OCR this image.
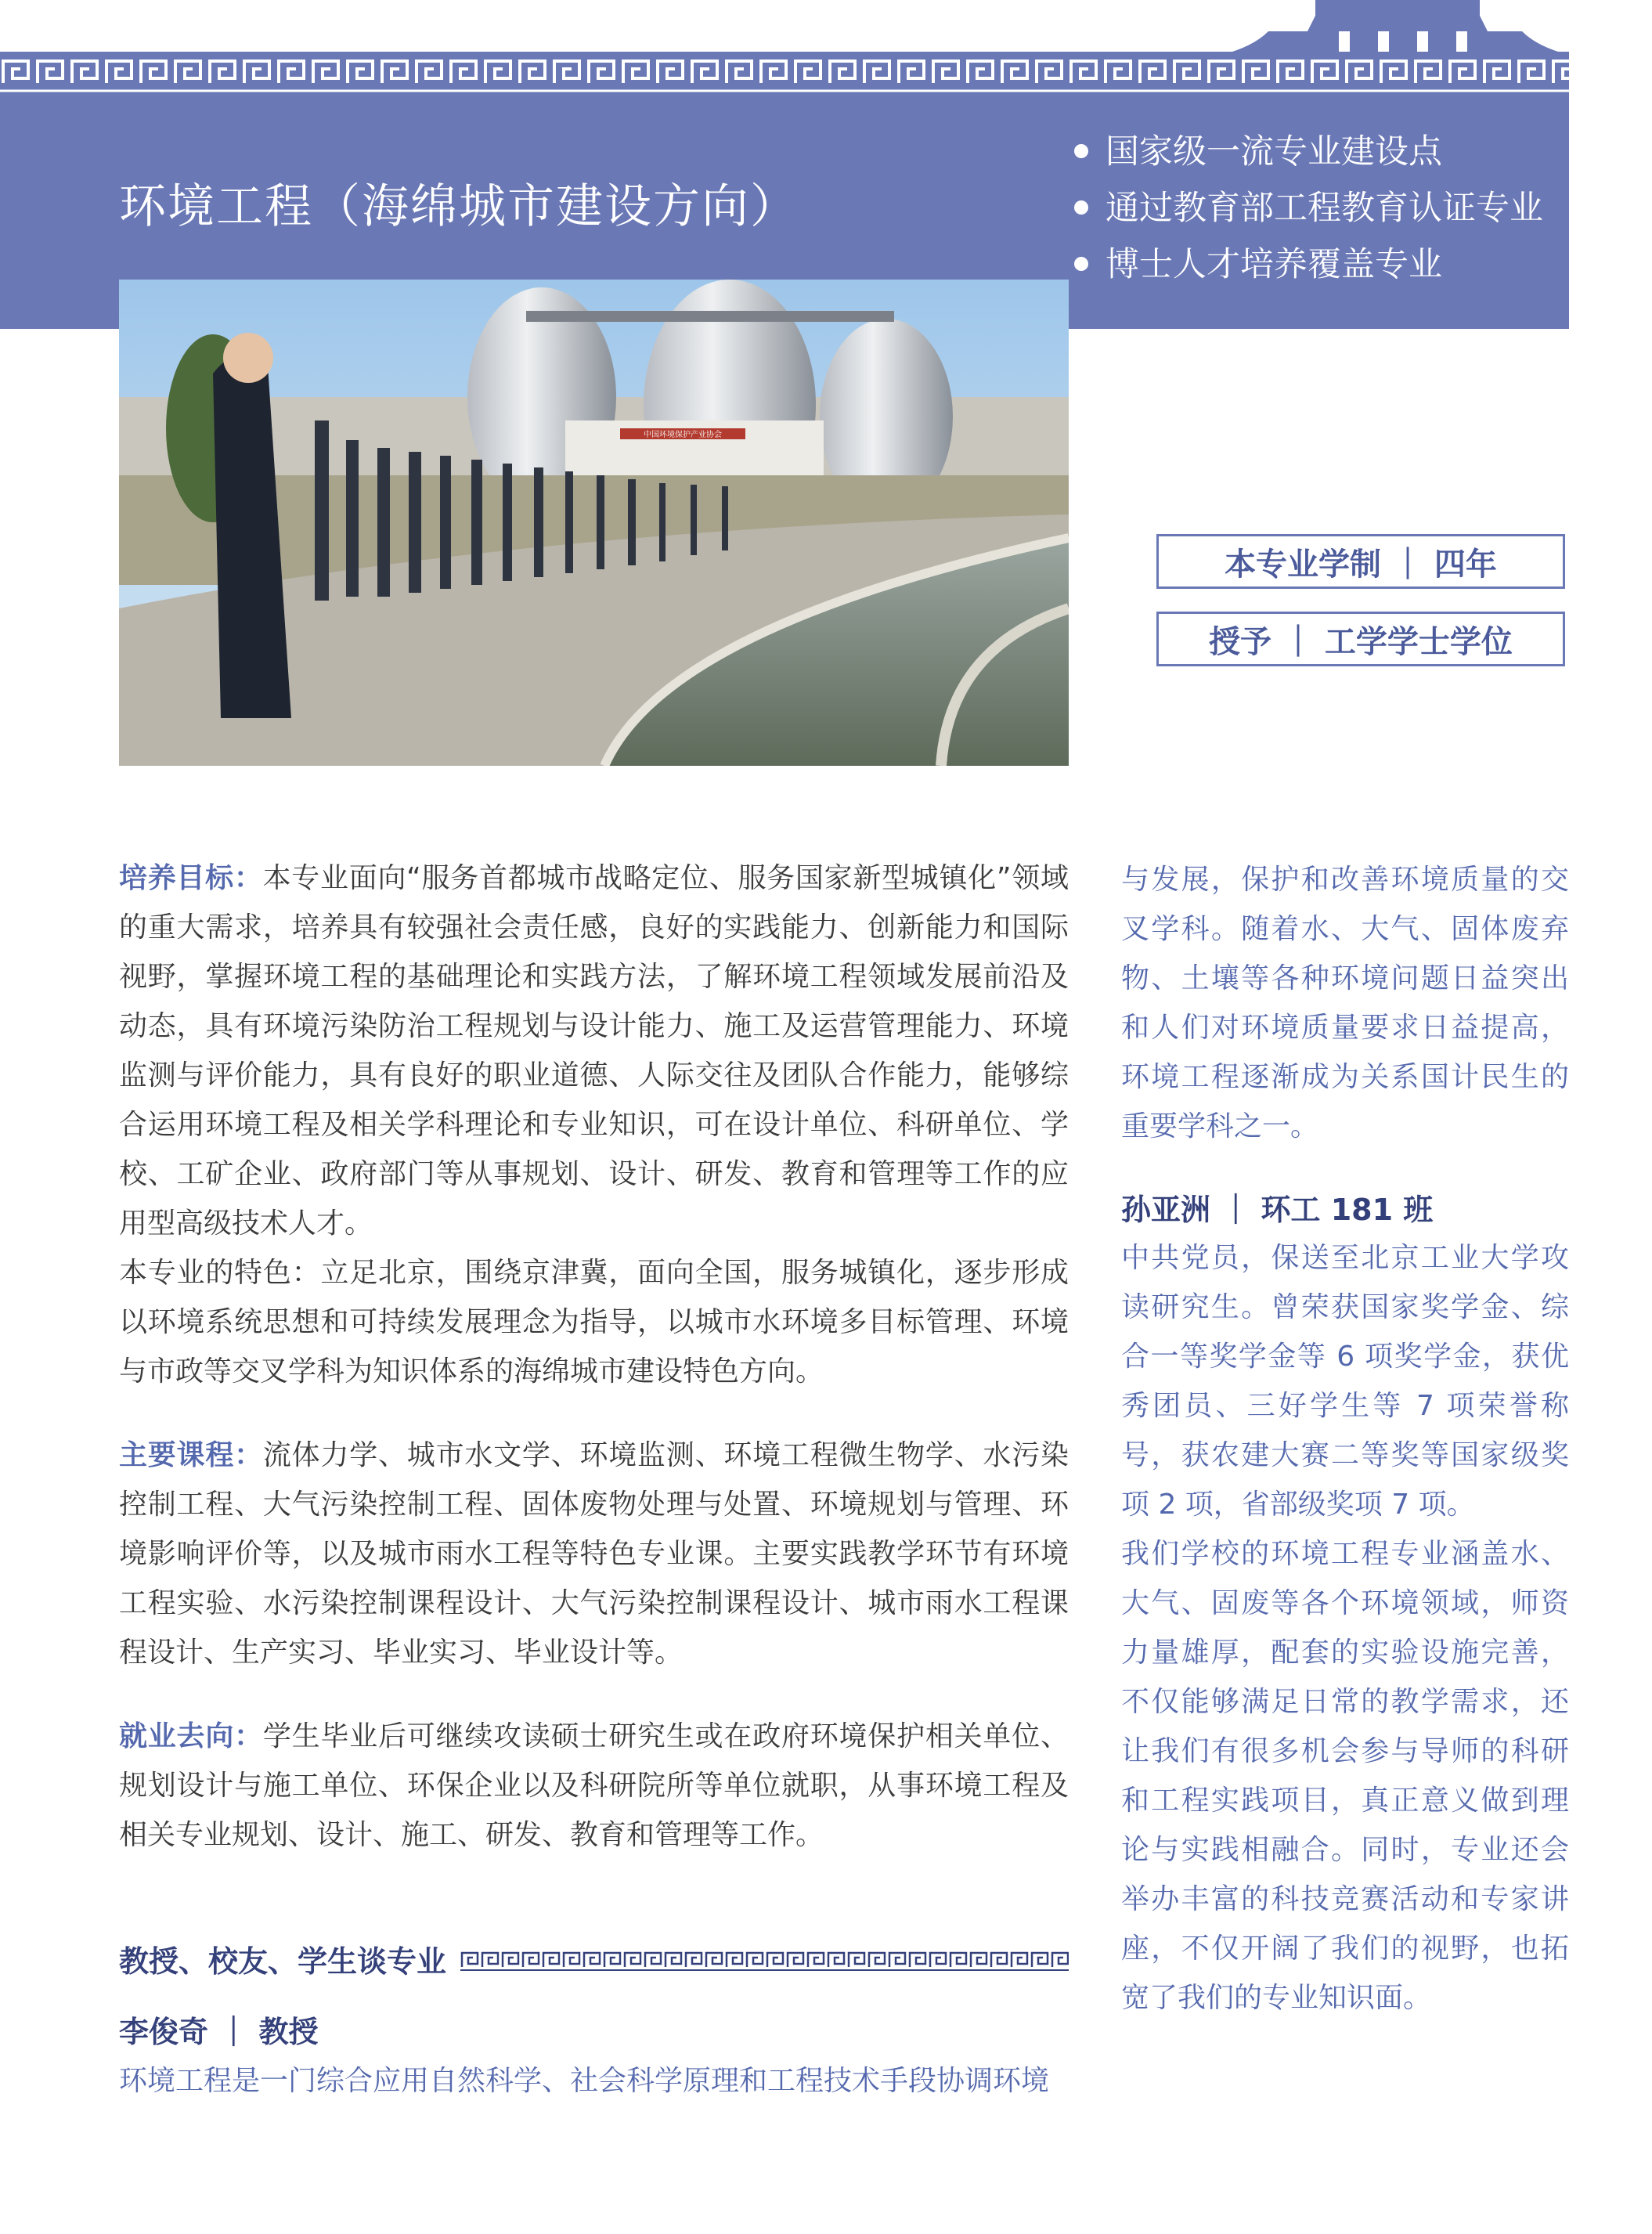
环境工程（海绵城市建设方向）
国家级一流专业建设点
通过教育部工程教育认证专业
博士人才培养覆盖专业
中国环境保护产业协会
本专业学制 ｜ 四年
授予 ｜ 工学学士学位

培养目标：本专业面向“服务首都城市战略定位、服务国家新型城镇化”领域的重大需求，培养具有较强社会责任感，良好的实践能力、创新能力和国际视野，掌握环境工程的基础理论和实践方法，了解环境工程领域发展前沿及动态，具有环境污染防治工程规划与设计能力、施工及运营管理能力、环境监测与评价能力，具有良好的职业道德、人际交往及团队合作能力，能够综合运用环境工程及相关学科理论和专业知识，可在设计单位、科研单位、学校、工矿企业、政府部门等从事规划、设计、研发、教育和管理等工作的应用型高级技术人才。

本专业的特色：立足北京，围绕京津冀，面向全国，服务城镇化，逐步形成以环境系统思想和可持续发展理念为指导，以城市水环境多目标管理、环境与市政等交叉学科为知识体系的海绵城市建设特色方向。

主要课程：流体力学、城市水文学、环境监测、环境工程微生物学、水污染控制工程、大气污染控制工程、固体废物处理与处置、环境规划与管理、环境影响评价等，以及城市雨水工程等特色专业课。主要实践教学环节有环境工程实验、水污染控制课程设计、大气污染控制课程设计、城市雨水工程课程设计、生产实习、毕业实习、毕业设计等。

就业去向：学生毕业后可继续攻读硕士研究生或在政府环境保护相关单位、规划设计与施工单位、环保企业以及科研院所等单位就职，从事环境工程及相关专业规划、设计、施工、研发、教育和管理等工作。

教授、校友、学生谈专业
李俊奇 ｜ 教授
环境工程是一门综合应用自然科学、社会科学原理和工程技术手段协调环境

与发展，保护和改善环境质量的交叉学科。随着水、大气、固体废弃物、土壤等各种环境问题日益突出和人们对环境质量要求日益提高，环境工程逐渐成为关系国计民生的重要学科之一。

孙亚洲 ｜ 环工 181 班

中共党员，保送至北京工业大学攻读研究生。曾荣获国家奖学金、综合一等奖学金等 6 项奖学金，获优秀团员、三好学生等 7 项荣誉称号，获农建大赛二等奖等国家级奖项 2 项，省部级奖项 7 项。

我们学校的环境工程专业涵盖水、大气、固废等各个环境领域，师资力量雄厚，配套的实验设施完善，不仅能够满足日常的教学需求，还让我们有很多机会参与导师的科研和工程实践项目，真正意义做到理论与实践相融合。同时，专业还会举办丰富的科技竞赛活动和专家讲座，不仅开阔了我们的视野，也拓宽了我们的专业知识面。
